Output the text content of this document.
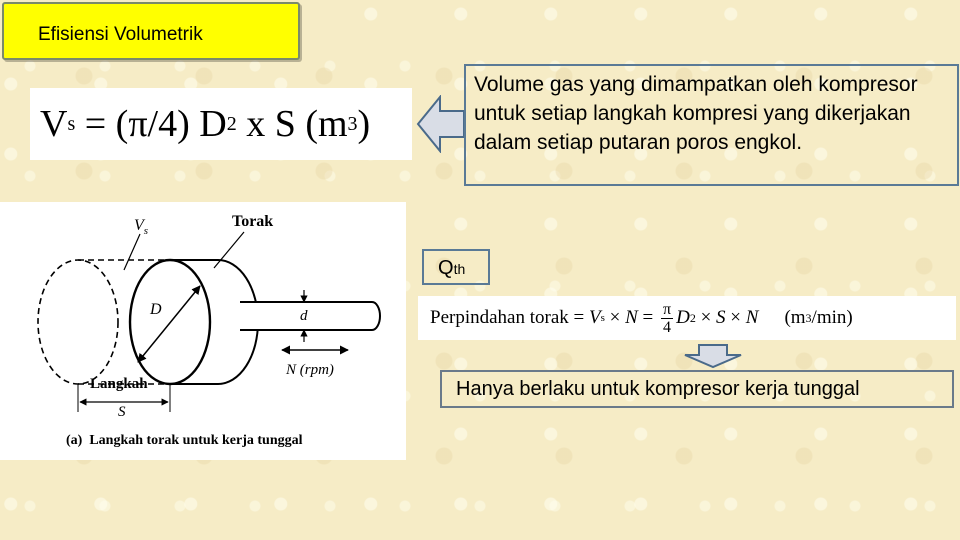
Efisiensi Volumetrik
V s = (π/4) D 2 x S (m 3 )
Volume gas yang dimampatkan oleh kompresor untuk setiap langkah kompresi yang dikerjakan dalam setiap putaran poros engkol.
D
$V_s$
Torak
d
N (rpm)
Langkah
S
(a)  Langkah torak untuk kerja tunggal
Qth
Perpindahan torak = V $s \times N = \frac{\pi}{4}$ D 2 × S × N (m 3 /min)
Hanya berlaku untuk kompresor kerja tunggal
